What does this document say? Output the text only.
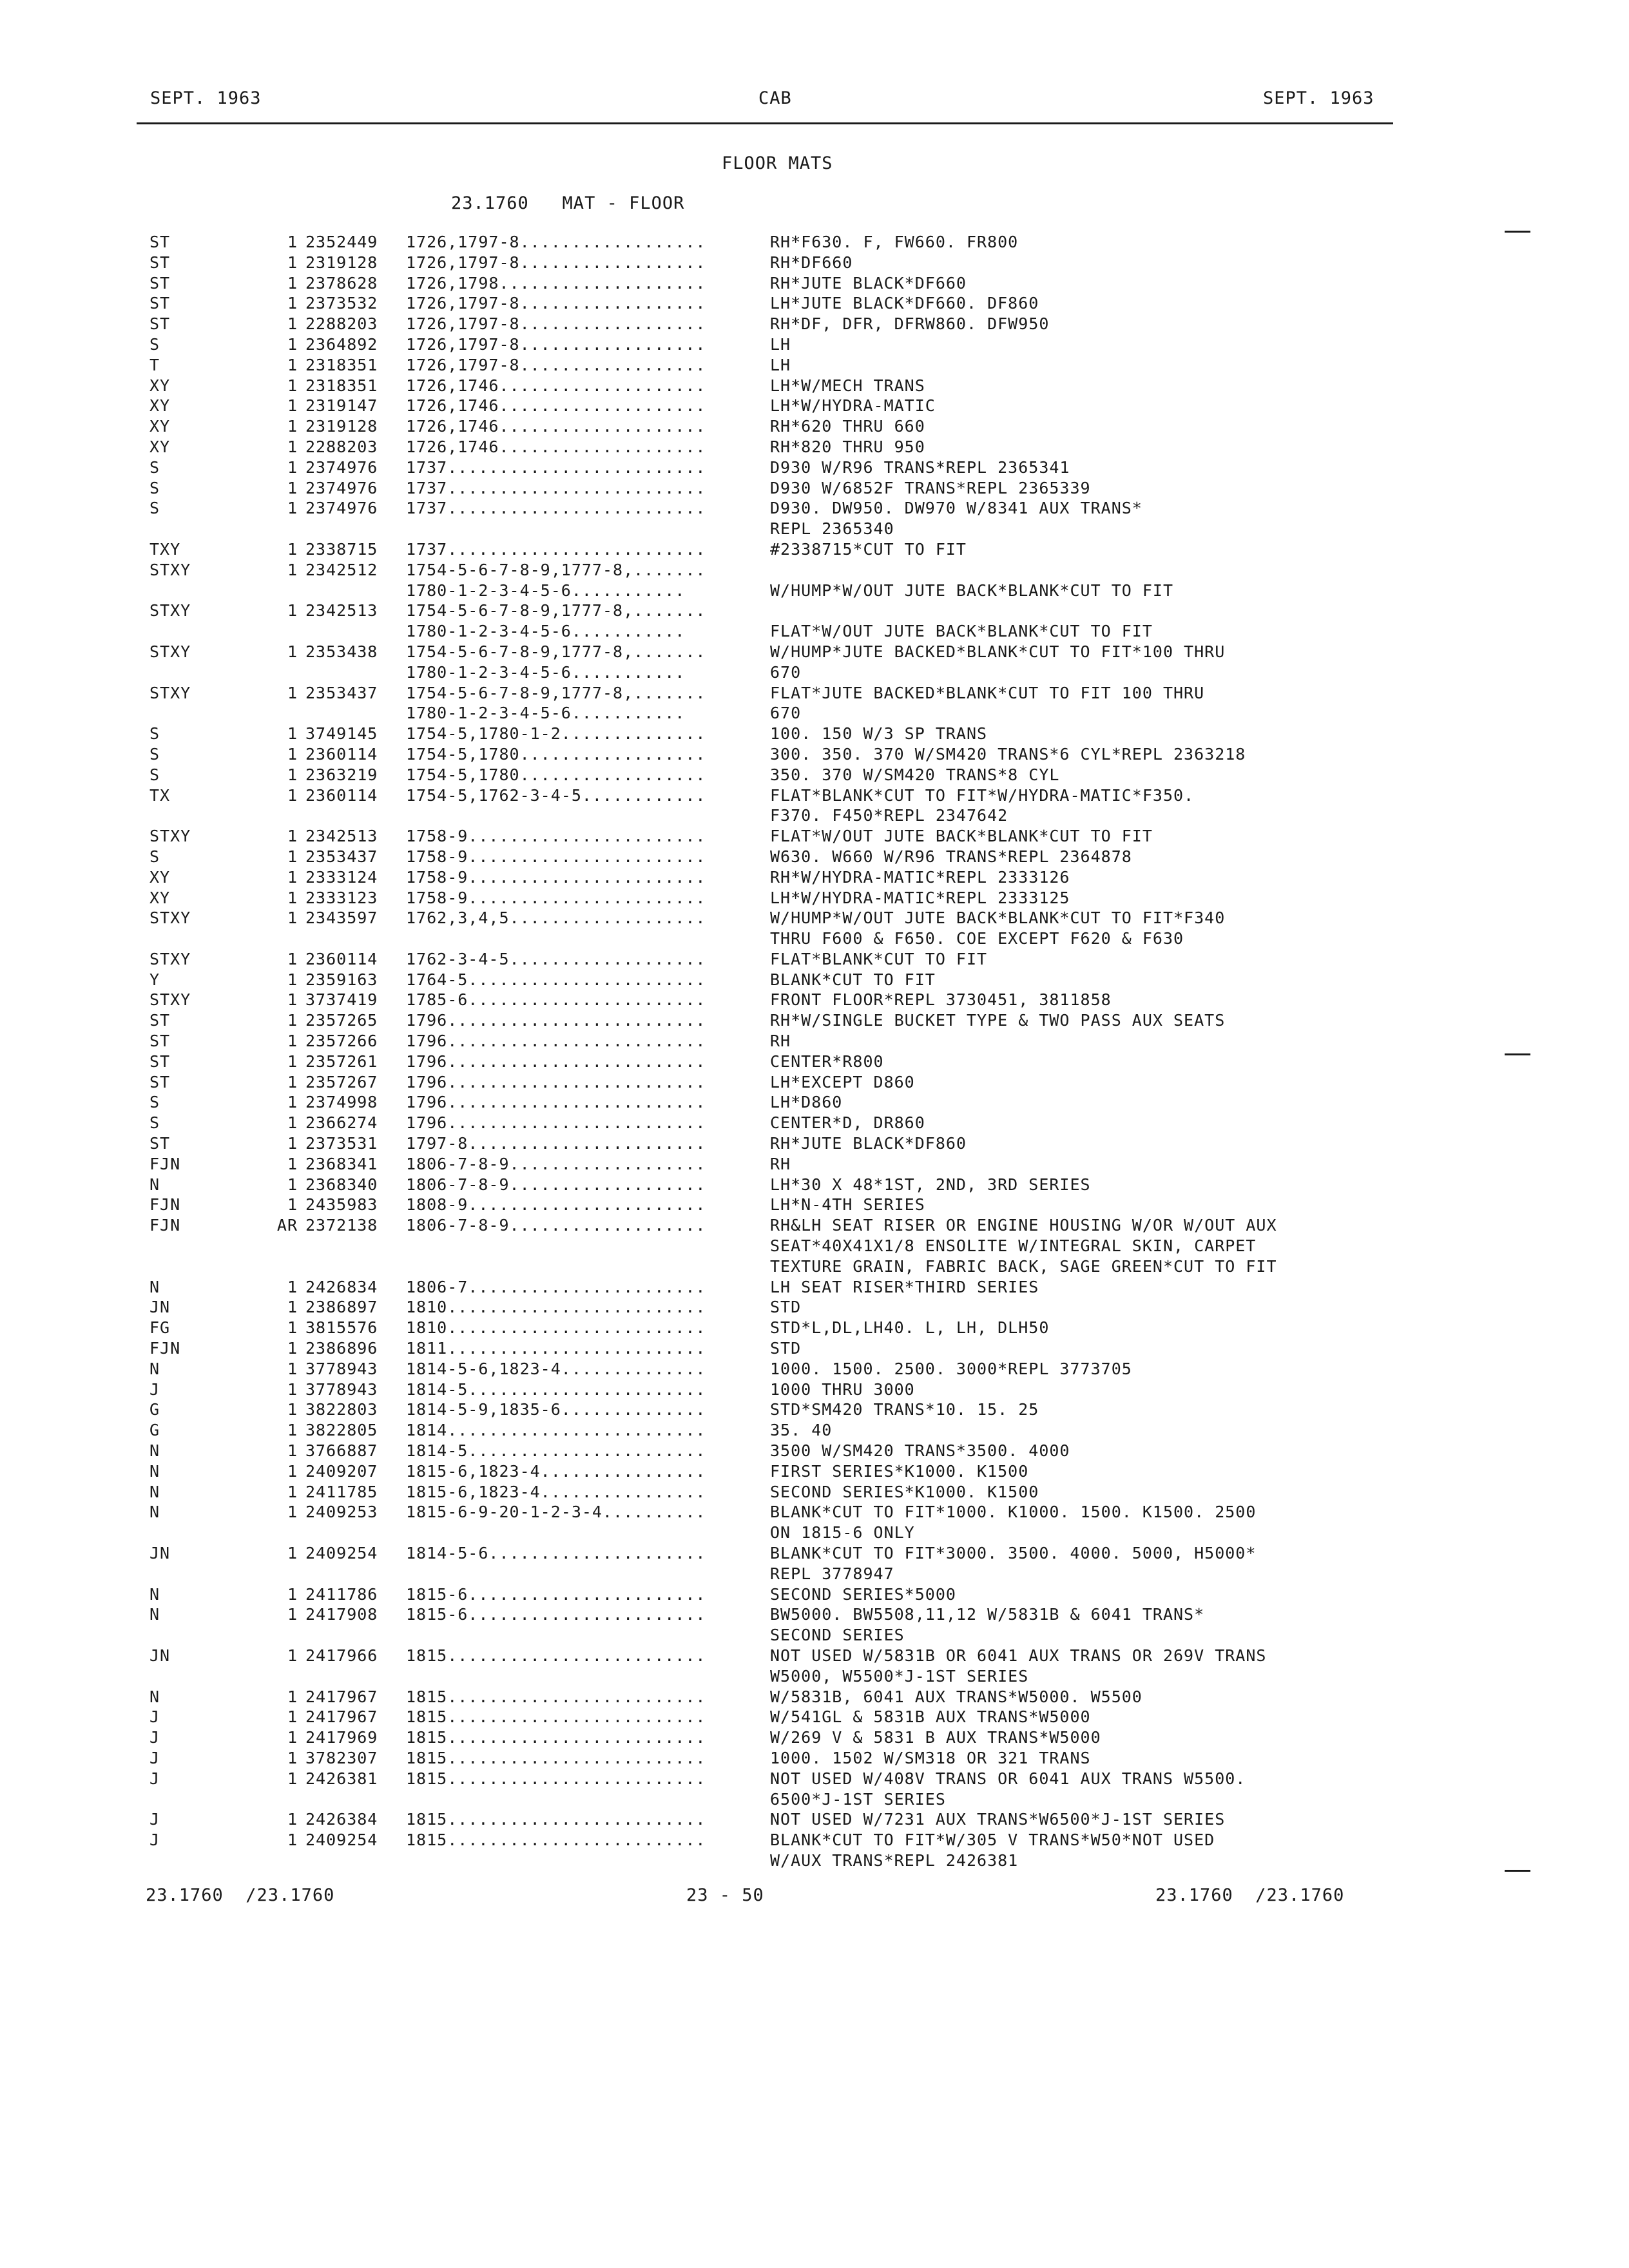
SEPT. 1963	CAB	SEPT. 1963
FLOOR MATS
23.1760   MAT - FLOOR
ST	1 2352449 1726,1797-8..................	RH*F630. F, FW660. FR800
ST	1 2319128 1726,1797-8..................	RH*DF660
ST	1 2378628 1726,1798....................	RH*JUTE BLACK*DF660
ST	1 2373532 1726,1797-8..................	LH*JUTE BLACK*DF660. DF860
ST	1 2288203 1726,1797-8..................	RH*DF, DFR, DFRW860. DFW950
S	1 2364892 1726,1797-8..................	LH
T	1 2318351 1726,1797-8..................	LH
XY	1 2318351 1726,1746....................	LH*W/MECH TRANS
XY	1 2319147 1726,1746....................	LH*W/HYDRA-MATIC
XY	1 2319128 1726,1746....................	RH*620 THRU 660
XY	1 2288203 1726,1746....................	RH*820 THRU 950
S	1 2374976 1737.........................	D930 W/R96 TRANS*REPL 2365341
S	1 2374976 1737.........................	D930 W/6852F TRANS*REPL 2365339
S	1 2374976 1737.........................	D930. DW950. DW970 W/8341 AUX TRANS*
REPL 2365340
TXY	1 2338715 1737.........................	#2338715*CUT TO FIT
STXY	1 2342512 1754-5-6-7-8-9,1777-8,.......
1780-1-2-3-4-5-6...........	W/HUMP*W/OUT JUTE BACK*BLANK*CUT TO FIT
STXY	1 2342513 1754-5-6-7-8-9,1777-8,.......
1780-1-2-3-4-5-6...........	FLAT*W/OUT JUTE BACK*BLANK*CUT TO FIT
STXY	1 2353438 1754-5-6-7-8-9,1777-8,.......	W/HUMP*JUTE BACKED*BLANK*CUT TO FIT*100 THRU
1780-1-2-3-4-5-6...........	670
STXY	1 2353437 1754-5-6-7-8-9,1777-8,.......	FLAT*JUTE BACKED*BLANK*CUT TO FIT 100 THRU
1780-1-2-3-4-5-6...........	670
S	1 3749145 1754-5,1780-1-2..............	100. 150 W/3 SP TRANS
S	1 2360114 1754-5,1780..................	300. 350. 370 W/SM420 TRANS*6 CYL*REPL 2363218
S	1 2363219 1754-5,1780..................	350. 370 W/SM420 TRANS*8 CYL
TX	1 2360114 1754-5,1762-3-4-5............	FLAT*BLANK*CUT TO FIT*W/HYDRA-MATIC*F350.
F370. F450*REPL 2347642
STXY	1 2342513 1758-9.......................	FLAT*W/OUT JUTE BACK*BLANK*CUT TO FIT
S	1 2353437 1758-9.......................	W630. W660 W/R96 TRANS*REPL 2364878
XY	1 2333124 1758-9.......................	RH*W/HYDRA-MATIC*REPL 2333126
XY	1 2333123 1758-9.......................	LH*W/HYDRA-MATIC*REPL 2333125
STXY	1 2343597 1762,3,4,5...................	W/HUMP*W/OUT JUTE BACK*BLANK*CUT TO FIT*F340
THRU F600 & F650. COE EXCEPT F620 & F630
STXY	1 2360114 1762-3-4-5...................	FLAT*BLANK*CUT TO FIT
Y	1 2359163 1764-5.......................	BLANK*CUT TO FIT
STXY	1 3737419 1785-6.......................	FRONT FLOOR*REPL 3730451, 3811858
ST	1 2357265 1796.........................	RH*W/SINGLE BUCKET TYPE & TWO PASS AUX SEATS
ST	1 2357266 1796.........................	RH
ST	1 2357261 1796.........................	CENTER*R800
ST	1 2357267 1796.........................	LH*EXCEPT D860
S	1 2374998 1796.........................	LH*D860
S	1 2366274 1796.........................	CENTER*D, DR860
ST	1 2373531 1797-8.......................	RH*JUTE BLACK*DF860
FJN	1 2368341 1806-7-8-9...................	RH
N	1 2368340 1806-7-8-9...................	LH*30 X 48*1ST, 2ND, 3RD SERIES
FJN	1 2435983 1808-9.......................	LH*N-4TH SERIES
FJN	AR 2372138 1806-7-8-9...................	RH&LH SEAT RISER OR ENGINE HOUSING W/OR W/OUT AUX
SEAT*40X41X1/8 ENSOLITE W/INTEGRAL SKIN, CARPET
TEXTURE GRAIN, FABRIC BACK, SAGE GREEN*CUT TO FIT
N	1 2426834 1806-7.......................	LH SEAT RISER*THIRD SERIES
JN	1 2386897 1810.........................	STD
FG	1 3815576 1810.........................	STD*L,DL,LH40. L, LH, DLH50
FJN	1 2386896 1811.........................	STD
N	1 3778943 1814-5-6,1823-4..............	1000. 1500. 2500. 3000*REPL 3773705
J	1 3778943 1814-5.......................	1000 THRU 3000
G	1 3822803 1814-5-9,1835-6..............	STD*SM420 TRANS*10. 15. 25
G	1 3822805 1814.........................	35. 40
N	1 3766887 1814-5.......................	3500 W/SM420 TRANS*3500. 4000
N	1 2409207 1815-6,1823-4................	FIRST SERIES*K1000. K1500
N	1 2411785 1815-6,1823-4................	SECOND SERIES*K1000. K1500
N	1 2409253 1815-6-9-20-1-2-3-4..........	BLANK*CUT TO FIT*1000. K1000. 1500. K1500. 2500
ON 1815-6 ONLY
JN	1 2409254 1814-5-6.....................	BLANK*CUT TO FIT*3000. 3500. 4000. 5000, H5000*
REPL 3778947
N	1 2411786 1815-6.......................	SECOND SERIES*5000
N	1 2417908 1815-6.......................	BW5000. BW5508,11,12 W/5831B & 6041 TRANS*
SECOND SERIES
JN	1 2417966 1815.........................	NOT USED W/5831B OR 6041 AUX TRANS OR 269V TRANS
W5000, W5500*J-1ST SERIES
N	1 2417967 1815.........................	W/5831B, 6041 AUX TRANS*W5000. W5500
J	1 2417967 1815.........................	W/541GL & 5831B AUX TRANS*W5000
J	1 2417969 1815.........................	W/269 V & 5831 B AUX TRANS*W5000
J	1 3782307 1815.........................	1000. 1502 W/SM318 OR 321 TRANS
J	1 2426381 1815.........................	NOT USED W/408V TRANS OR 6041 AUX TRANS W5500.
6500*J-1ST SERIES
J	1 2426384 1815.........................	NOT USED W/7231 AUX TRANS*W6500*J-1ST SERIES
J	1 2409254 1815.........................	BLANK*CUT TO FIT*W/305 V TRANS*W50*NOT USED
W/AUX TRANS*REPL 2426381
23.1760  /23.1760	23 - 50	23.1760  /23.1760
